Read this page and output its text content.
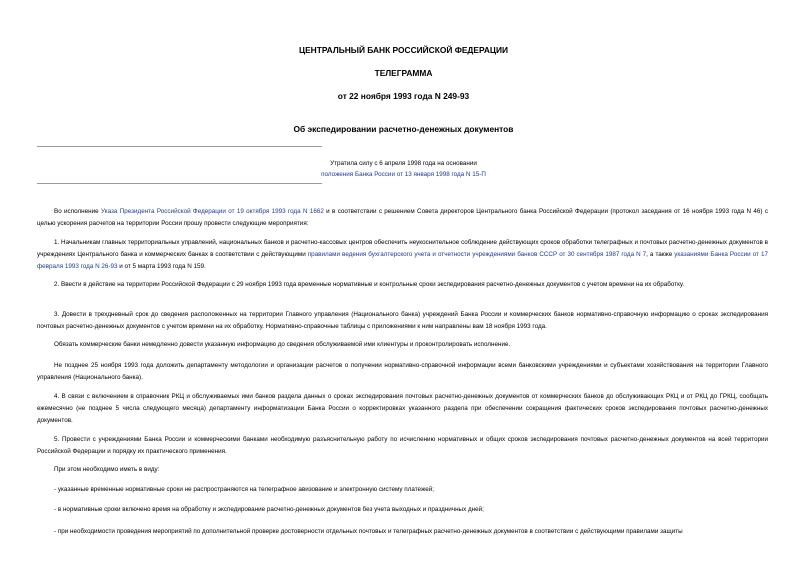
ЦЕНТРАЛЬНЫЙ БАНК РОССИЙСКОЙ ФЕДЕРАЦИИ
ТЕЛЕГРАММА
от 22 ноября 1993 года N 249-93
Об экспедировании расчетно-денежных документов
Утратила силу с 6 апреля 1998 года на основании
положения Банка России от 13 января 1998 года N 15-П
Во исполнение Указа Президента Российской Федерации от 19 октября 1993 года N 1662 и в соответствии с решением Совета директоров Центрального банка Российской Федерации (протокол заседания от 16 ноября 1993 года N 46) с целью ускорения расчетов на территории России прошу провести следующие мероприятия:
1. Начальникам главных территориальных управлений, национальных банков и расчетно-кассовых центров обеспечить неукоснительное соблюдение действующих сроков обработки телеграфных и почтовых расчетно-денежных документов в учреждениях Центрального банка и коммерческих банках в соответствии с действующими правилами ведения бухгалтерского учета и отчетности учреждениями банков СССР от 30 сентября 1987 года N 7, а также указаниями Банка России от 17 февраля 1993 года N 26-93 и от 5 марта 1993 года N 159.
2. Ввести в действие на территории Российской Федерации с 29 ноября 1993 года временные нормативные и контрольные сроки экспедирования расчетно-денежных документов с учетом времени на их обработку.
3. Довести в трехдневный срок до сведения расположенных на территории Главного управления (Национального банка) учреждений Банка России и коммерческих банков нормативно-справочную информацию о сроках экспедирования почтовых расчетно-денежных документов с учетом времени на их обработку. Нормативно-справочные таблицы с приложениями к ним направлены вам 18 ноября 1993 года.
Обязать коммерческие банки немедленно довести указанную информацию до сведения обслуживаемой ими клиентуры и проконтролировать исполнение.
Не позднее 25 ноября 1993 года доложить департаменту методологии и организации расчетов о получении нормативно-справочной информации всеми банковскими учреждениями и субъектами хозяйствования на территории Главного управления (Национального банка).
4. В связи с включением в справочник РКЦ и обслуживаемых ими банков раздела данных о сроках экспедирования почтовых расчетно-денежных документов от коммерческих банков до обслуживающих РКЦ и от РКЦ до ГРКЦ, сообщать ежемесячно (не позднее 5 числа следующего месяца) департаменту информатизации Банка России о корректировках указанного раздела при обеспечении сокращения фактических сроков экспедирования почтовых расчетно-денежных документов.
5. Провести с учреждениями Банка России и коммерческими банками необходимую разъяснительную работу по исчислению нормативных и общих сроков экспедирования почтовых расчетно-денежных документов на всей территории Российской Федерации и порядку их практического применения.
При этом необходимо иметь в виду:
- указанные временные нормативные сроки не распространяются на телеграфное авизование и электронную систему платежей;
- в нормативные сроки включено время на обработку и экспедирование расчетно-денежных документов без учета выходных и праздничных дней;
- при необходимости проведения мероприятий по дополнительной проверке достоверности отдельных почтовых и телеграфных расчетно-денежных документов в соответствии с действующими правилами защиты
